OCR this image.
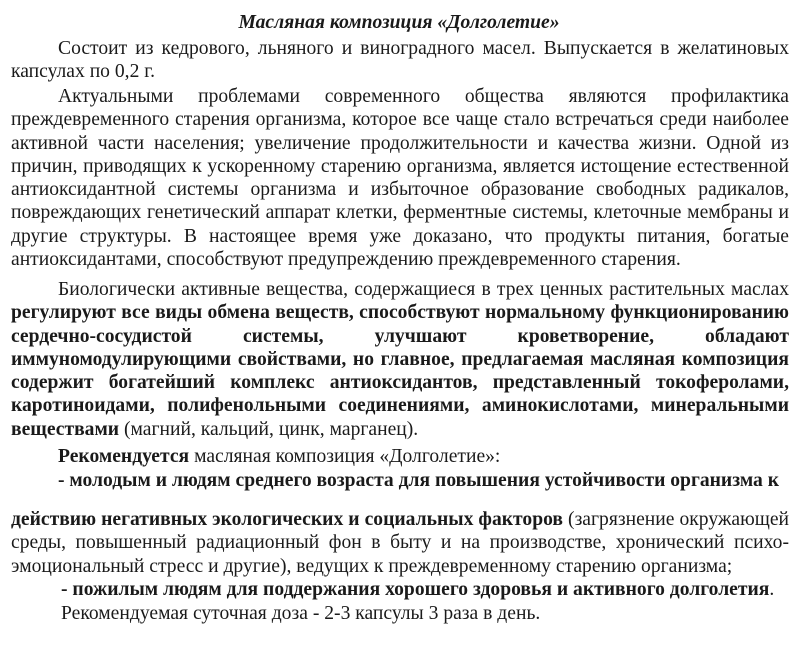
Масляная композиция «Долголетие»

Состоит из кедрового, льняного и виноградного масел. Выпускается в желатиновых капсулах по 0,2 г.

Актуальными проблемами современного общества являются профилактика преждевременного старения организма, которое все чаще стало встречаться среди наиболее активной части населения; увеличение продолжительности и качества жизни. Одной из причин, приводящих к ускоренному старению организма, является истощение естественной антиоксидантной системы организма и избыточное образование свободных радикалов, повреждающих генетический аппарат клетки, ферментные системы, клеточные мембраны и другие структуры. В настоящее время уже доказано, что продукты питания, богатые антиоксидантами, способствуют предупреждению преждевременного старения.

Биологически активные вещества, содержащиеся в трех ценных растительных маслах регулируют все виды обмена веществ, способствуют нормальному функционированию сердечно-сосудистой системы, улучшают кроветворение, обладают иммуномодулирующими свойствами, но главное, предлагаемая масляная композиция содержит богатейший комплекс антиоксидантов, представленный токоферолами, каротиноидами, полифенольными соединениями, аминокислотами, минеральными веществами (магний, кальций, цинк, марганец).

Рекомендуется масляная композиция «Долголетие»:

- молодым и людям среднего возраста для повышения устойчивости организма к

действию негативных экологических и социальных факторов (загрязнение окружающей среды, повышенный радиационный фон в быту и на производстве, хронический психо-эмоциональный стресс и другие), ведущих к преждевременному старению организма;

- пожилым людям для поддержания хорошего здоровья и активного долголетия.

Рекомендуемая суточная доза - 2-3 капсулы 3 раза в день.
